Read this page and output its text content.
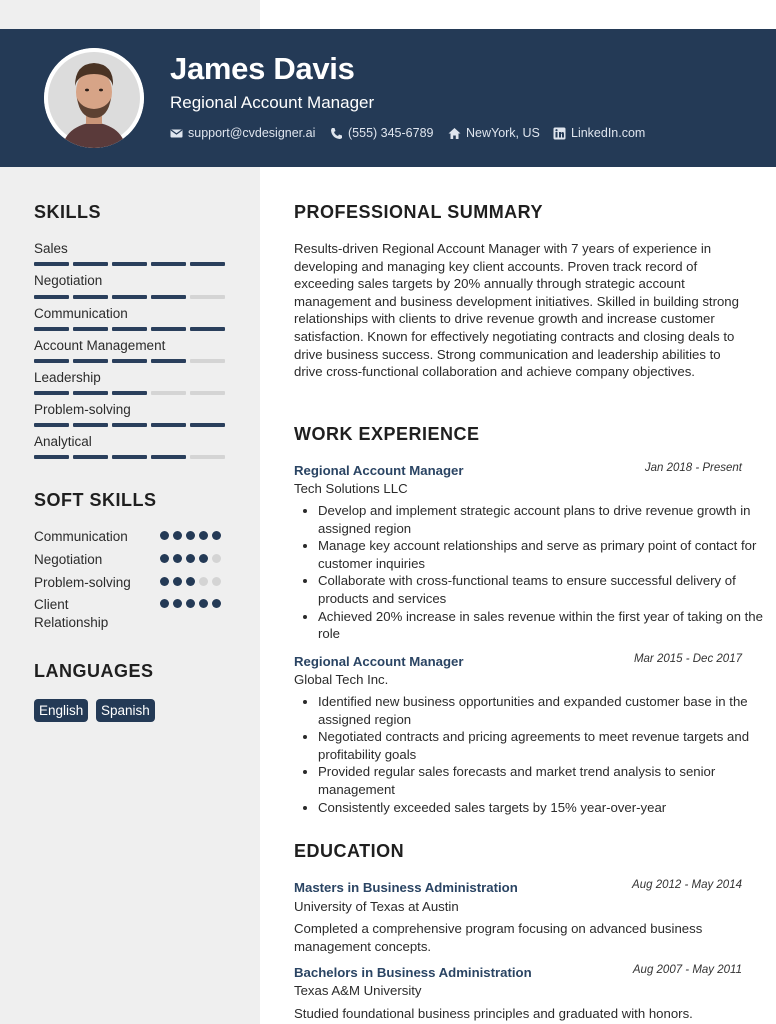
James Davis
Regional Account Manager
support@cvdesigner.ai	(555) 345-6789	NewYork, US LinkedIn.com
SKILLS
Sales
Negotiation
Communication
Account Management
Leadership
Problem-solving
Analytical
SOFT SKILLS
Communication
Negotiation
Problem-solving
Client Relationship
LANGUAGES
English	Spanish
PROFESSIONAL SUMMARY
Results-driven Regional Account Manager with 7 years of experience in developing and managing key client accounts. Proven track record of exceeding sales targets by 20% annually through strategic account management and business development initiatives. Skilled in building strong relationships with clients to drive revenue growth and increase customer satisfaction. Known for effectively negotiating contracts and closing deals to drive business success. Strong communication and leadership abilities to drive cross-functional collaboration and achieve company objectives.
WORK EXPERIENCE
Regional Account Manager	Jan 2018 - Present
Tech Solutions LLC
• Develop and implement strategic account plans to drive revenue growth in assigned region
• Manage key account relationships and serve as primary point of contact for customer inquiries
• Collaborate with cross-functional teams to ensure successful delivery of products and services
• Achieved 20% increase in sales revenue within the first year of taking on the role
Regional Account Manager	Mar 2015 - Dec 2017
Global Tech Inc.
• Identified new business opportunities and expanded customer base in the assigned region
• Negotiated contracts and pricing agreements to meet revenue targets and profitability goals
• Provided regular sales forecasts and market trend analysis to senior management
• Consistently exceeded sales targets by 15% year-over-year
EDUCATION
Masters in Business Administration	Aug 2012 - May 2014
University of Texas at Austin
Completed a comprehensive program focusing on advanced business management concepts.
Bachelors in Business Administration	Aug 2007 - May 2011
Texas A&M University
Studied foundational business principles and graduated with honors.
